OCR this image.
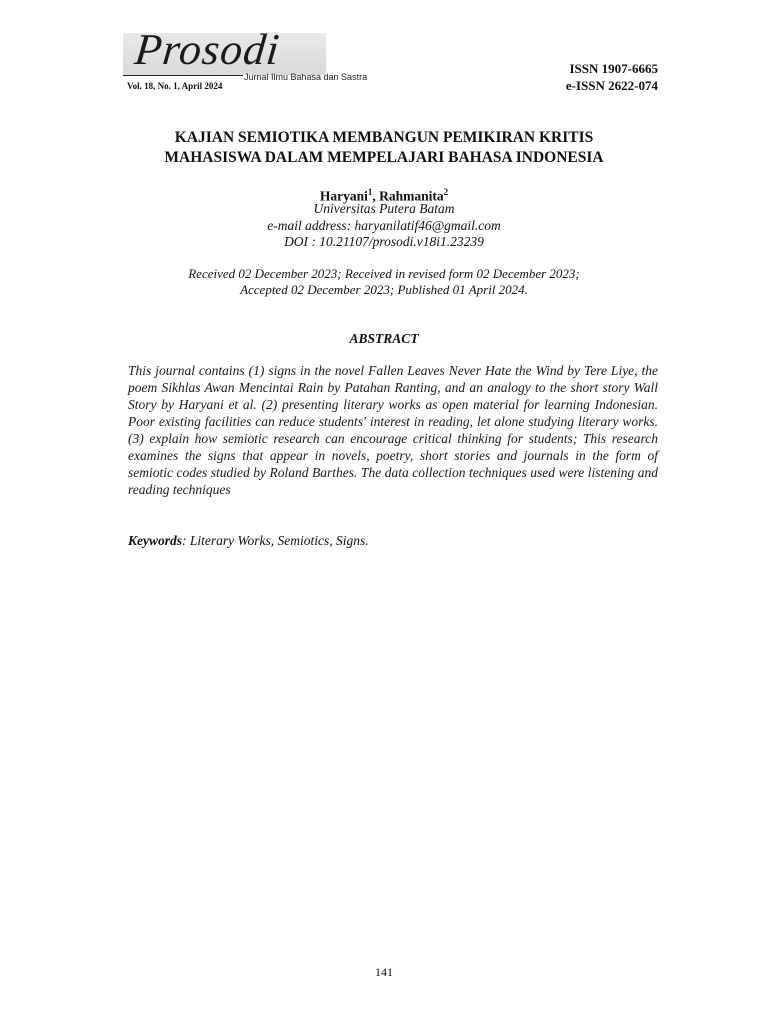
Prosodi
Jurnal Ilmu Bahasa dan Sastra
Vol. 18, No. 1, April 2024
ISSN 1907-6665
e-ISSN 2622-074
KAJIAN SEMIOTIKA MEMBANGUN PEMIKIRAN KRITIS
MAHASISWA DALAM MEMPELAJARI BAHASA INDONESIA
Haryani$^1$, Rahmanita$^2$
Universitas Putera Batam
e-mail address: haryanilatif46@gmail.com
DOI : 10.21107/prosodi.v18i1.23239
Received 02 December 2023; Received in revised form 02 December 2023;
Accepted 02 December 2023; Published 01 April 2024.
ABSTRACT
This journal contains (1) signs in the novel Fallen Leaves Never Hate the Wind by Tere Liye, the poem Sikhlas Awan Mencintai Rain by Patahan Ranting, and an analogy to the short story Wall Story by Haryani et al. (2) presenting literary works as open material for learning Indonesian. Poor existing facilities can reduce students' interest in reading, let alone studying literary works. (3) explain how semiotic research can encourage critical thinking for students; This research examines the signs that appear in novels, poetry, short stories and journals in the form of semiotic codes studied by Roland Barthes. The data collection techniques used were listening and reading techniques
Keywords: Literary Works, Semiotics, Signs.
141
